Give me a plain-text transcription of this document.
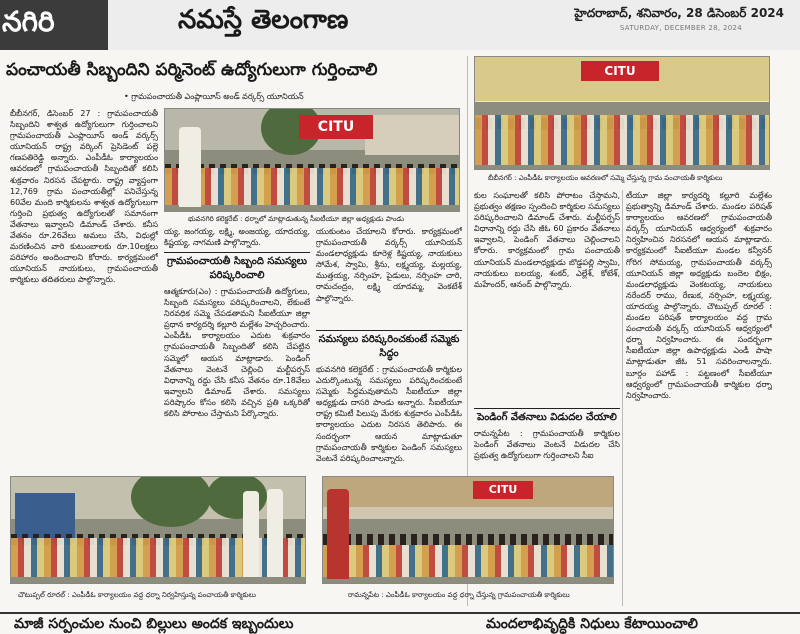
నగిరి	నమస్తే తెలంగాణ	హైదరాబాద్‌, శనివారం, 28 డిసెంబర్‌ 2024
SATURDAY, DECEMBER 28, 2024
పంచాయతీ సిబ్బందిని పర్మినెంట్‌ ఉద్యోగులుగా గుర్తించాలి
• గ్రామపంచాయతీ ఎంప్లాయీస్‌ అండ్‌ వర్కర్స్‌ యూనియన్‌
బీబీనగర్‌, డిసెంబర్‌ 27 : గ్రామపంచాయతీ సిబ్బందిని శాశ్వత ఉద్యోగులుగా గుర్తించాలని గ్రామపంచాయతీ ఎంప్లాయీస్‌ అండ్‌ వర్కర్స్‌ యూనియన్‌ రాష్ట్ర వర్కింగ్‌ ప్రెసిడెంట్‌ పల్లె గణపతిరెడ్డి అన్నారు. ఎంపీడీఓ కార్యాలయం ఆవరణలో గ్రామపంచాయతీ సిబ్బందితో కలిసి శుక్రవారం నిరసన చేపట్టారు. రాష్ట్ర వ్యాప్తంగా 12,769 గ్రామ పంచాయతీల్లో పనిచేస్తున్న 60వేల మంది కార్మికులను శాశ్వత ఉద్యోగులుగా గుర్తించి ప్రభుత్వ ఉద్యోగులతో సమానంగా వేతనాలు ఇవ్వాలని డిమాండ్‌ చేశారు. కనీస వేతనం రూ.26వేలు అమలు చేసి, విధుల్లో మరణించిన వారి కుటుంబాలకు రూ.10లక్షలు పరిహారం అందించాలని కోరారు. కార్యక్రమంలో యూనియన్‌ నాయకులు, గ్రామపంచాయతీ కార్మికులు తదితరులు పాల్గొన్నారు.
CITU
భువనగిరి కలెక్టరేట్‌ : ధర్నాలో మాట్లాడుతున్న సీఐటీయూ జిల్లా అధ్యక్షుడు పాండు
య్య, జంగయ్య, లక్ష్మి, అంజయ్య, యాదయ్య, కిష్టయ్య, నాగమణి పాల్గొన్నారు.
గ్రామపంచాయతీ సిబ్బంది సమస్యలు పరిష్కరించాలి
ఆత్మకూరు(ఎం) : గ్రామపంచాయతీ ఉద్యోగులు, సిబ్బంది సమస్యలు పరిష్కరించాలని, లేకుంటే నిరవధిక సమ్మె చేపడతామని సీఐటీయూ జిల్లా ప్రధాన కార్యదర్శి కల్లూరి మల్లేశం హెచ్చరించారు. ఎంపీడీఓ కార్యాలయం ఎదుట శుక్రవారం గ్రామపంచాయతీ సిబ్బందితో కలిసి చేపట్టిన సమ్మెలో ఆయన మాట్లాడారు. పెండింగ్‌ వేతనాలు వెంటనే చెల్లించి మల్టీపర్పస్‌ విధానాన్ని రద్దు చేసి కనీస వేతనం రూ.18వేలు ఇవ్వాలని డిమాండ్‌ చేశారు. సమస్యలు పరిష్కారం కోసం కలిసి వచ్చిన ప్రతి ఒక్కరితో కలిసి పోరాటం చేస్తామని పేర్కొన్నారు.
యుకుంటం చేయాలని కోరారు. కార్యక్రమంలో గ్రామపంచాయతీ వర్కర్స్‌ యూనియన్‌ మండలాధ్యక్షుడు కూరెళ్ల కిష్టయ్య, నాయకులు సోమేశ, స్వామి, శ్రీను, లక్ష్మయ్య, మల్లయ్య, ముత్తయ్య, నర్సింహ, పైడులు, నర్సింహ చారి, రామచంద్రం, లక్ష్మి యాదమ్మ, వెంకటేశ్‌ పాల్గొన్నారు.
సమస్యలు పరిష్కరించకుంటే సమ్మెకు సిద్ధం
భువనగిరి కలెక్టరేట్‌ : గ్రామపంచాయతీ కార్మికుల ఎదుర్కొంటున్న సమస్యలు పరిష్కరించకుంటే సమ్మెకు సిద్ధమవుతామని సీఐటీయూ జిల్లా అధ్యక్షుడు దాసరి పాండు అన్నారు. సీఐటీయూ రాష్ట్ర కమిటీ పిలుపు మేరకు శుక్రవారం ఎంపీడీఓ కార్యాలయం ఎదుట నిరసన తెలిపారు. ఈ సందర్భంగా ఆయన మాట్లాడుతూ గ్రామపంచాయతీ కార్మికుల పెండింగ్‌ సమస్యలు వెంటనే పరిష్కరించాలన్నారు.
CITU
బీబీనగర్‌ : ఎంపీడీఓ కార్యాలయం ఆవరణలో సమ్మె చేస్తున్న గ్రామ పంచాయతీ కార్మికులు
కుల సంఘాలతో కలిసి పోరాటం చేస్తామని, ప్రభుత్వం తక్షణం స్పందించి కార్మికుల సమస్యలు పరిష్కరించాలని డిమాండ్‌ చేశారు. మల్టీపర్పస్‌ విధానాన్ని రద్దు చేసి జీఓ 60 ప్రకారం వేతనాలు ఇవ్వాలని, పెండింగ్‌ వేతనాలు చెల్లించాలని కోరారు. కార్యక్రమంలో గ్రామ పంచాయతీ యూనియన్‌ మండలాధ్యక్షుడు బొడ్డపల్లి స్వామి, నాయకులు బలయ్య, శంకర్‌, ఎల్లేశ్‌, కోటేశ్‌, మహేందర్‌, ఆనంద్‌ పాల్గొన్నారు.
పెండింగ్‌ వేతనాలు విడుదల చేయాలి
రామన్నపేట : గ్రామపంచాయతీ కార్మికుల పెండింగ్‌ వేతనాలు వెంటనే విడుదల చేసి ప్రభుత్వ ఉద్యోగులుగా గుర్తించాలని సీఐ
టీయూ జిల్లా కార్యదర్శి కల్లూరి మల్లేశం ప్రభుత్వాన్ని డిమాండ్‌ చేశారు. మండల పరిషత్‌ కార్యాలయం ఆవరణలో గ్రామపంచాయతీ వర్కర్స్‌ యూనియన్‌ ఆధ్వర్యంలో శుక్రవారం నిర్వహించిన నిరసనలో ఆయన మాట్లాడారు. కార్యక్రమంలో సీఐటీయూ మండల కన్వీనర్‌ గోరిగ సోమయ్య, గ్రామపంచాయతీ వర్కర్స్‌ యూనియన్‌ జిల్లా అధ్యక్షుడు బందెల భిక్షం, మండలాధ్యక్షుడు వెంకటయ్య, నాయకులు నరేందర్‌ రాము, రేణుక, నర్సింహ, లక్ష్మయ్య, యాదయ్య పాల్గొన్నారు. చౌటుప్పల్‌ రూరల్‌ : మండల పరిషత్‌ కార్యాలయం వద్ద గ్రామ పంచాయతీ వర్కర్స్‌ యూనియన్‌ ఆధ్వర్యంలో ధర్నా నిర్వహించారు. ఈ సందర్భంగా సీఐటీయూ జిల్లా ఉపాధ్యక్షుడు ఎండీ పాషా మాట్లాడుతూ జీఓ 51 సవరించాలన్నారు. బూర్గం పహాడ్‌ : పట్టణంలో సీఐటీయూ ఆధ్వర్యంలో గ్రామపంచాయతీ కార్మికుల ధర్నా నిర్వహించారు.
చౌటుప్పల్‌ రూరల్‌ : ఎంపీడీఓ కార్యాలయం వద్ద ధర్నా నిర్వహిస్తున్న పంచాయతీ కార్మికులు
CITU
రామన్నపేట : ఎంపీడీఓ కార్యాలయం వద్ద ధర్నా చేస్తున్న గ్రామపంచాయతీ కార్మికులు
మాజీ సర్పంచుల నుంచి బిల్లులు అందక ఇబ్బందులు	మందలాభివృద్ధికి నిధులు కేటాయించాలి
